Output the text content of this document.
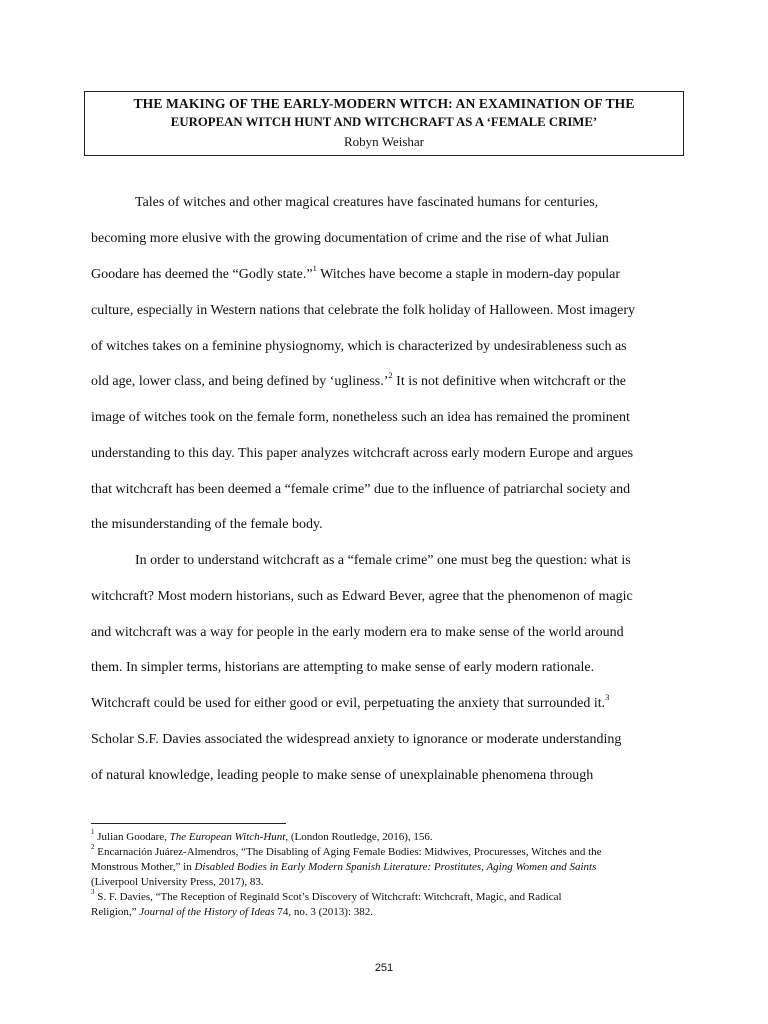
THE MAKING OF THE EARLY-MODERN WITCH: AN EXAMINATION OF THE
EUROPEAN WITCH HUNT AND WITCHCRAFT AS A ‘FEMALE CRIME’
Robyn Weishar
Tales of witches and other magical creatures have fascinated humans for centuries,
becoming more elusive with the growing documentation of crime and the rise of what Julian
Goodare has deemed the “Godly state.”$^1$ Witches have become a staple in modern-day popular
culture, especially in Western nations that celebrate the folk holiday of Halloween. Most imagery
of witches takes on a feminine physiognomy, which is characterized by undesirableness such as
old age, lower class, and being defined by ‘ugliness.’$^2$ It is not definitive when witchcraft or the
image of witches took on the female form, nonetheless such an idea has remained the prominent
understanding to this day. This paper analyzes witchcraft across early modern Europe and argues
that witchcraft has been deemed a “female crime” due to the influence of patriarchal society and
the misunderstanding of the female body.
In order to understand witchcraft as a “female crime” one must beg the question: what is
witchcraft? Most modern historians, such as Edward Bever, agree that the phenomenon of magic
and witchcraft was a way for people in the early modern era to make sense of the world around
them. In simpler terms, historians are attempting to make sense of early modern rationale.
Witchcraft could be used for either good or evil, perpetuating the anxiety that surrounded it.$^3$
Scholar S.F. Davies associated the widespread anxiety to ignorance or moderate understanding
of natural knowledge, leading people to make sense of unexplainable phenomena through
$^1$ Julian Goodare, The European Witch-Hunt, (London Routledge, 2016), 156.
$^2$ Encarnación Juárez-Almendros, “The Disabling of Aging Female Bodies: Midwives, Procuresses, Witches and the
Monstrous Mother,” in Disabled Bodies in Early Modern Spanish Literature: Prostitutes, Aging Women and Saints
(Liverpool University Press, 2017), 83.
$^3$ S. F. Davies, “The Reception of Reginald Scot’s Discovery of Witchcraft: Witchcraft, Magic, and Radical
Religion,” Journal of the History of Ideas 74, no. 3 (2013): 382.
251
